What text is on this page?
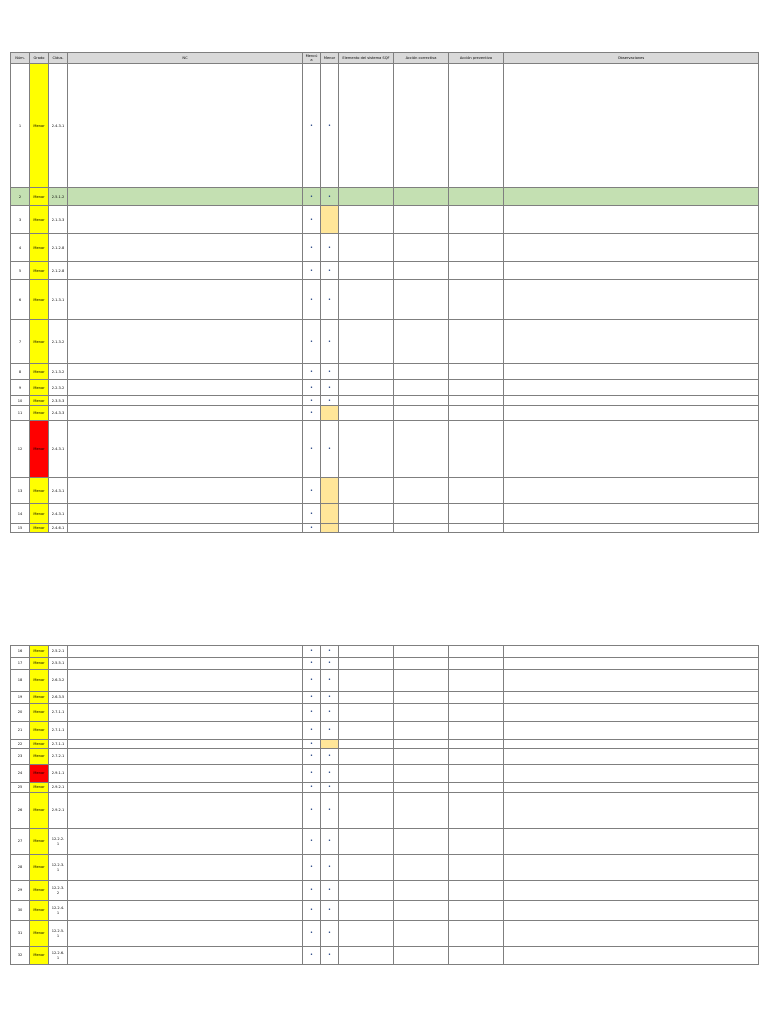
Núm.	Grado	Cláus.	NC	Mencúa	Menor	Elemento del sistema SQF	Acción correctiva	Acción preventiva	Observaciones
1	Menor	2.4.3.1		•	•				
2	Menor	2.5.1.2		•	•				
3	Menor	2.1.3.3		•					
4	Menor	2.1.2.8		•	•				
5	Menor	2.1.2.8		•	•				
6	Menor	2.1.3.1		•	•				
7	Menor	2.1.3.2		•	•				
8	Menor	2.1.3.2		•	•				
9	Menor	2.2.3.2		•	•				
10	Menor	2.3.5.3		•	•				
11	Menor	2.4.3.3		•					
12	Menor	2.4.3.1		•	•				
13	Menor	2.4.3.1		•					
14	Menor	2.4.3.1		•					
15	Menor	2.4.6.1		•					
16	Menor	2.5.2.1		•	•				
17	Menor	2.5.5.1		•	•				
18	Menor	2.6.3.2		•	•				
19	Menor	2.6.3.5		•	•				
20	Menor	2.7.1.1		•	•				
21	Menor	2.7.1.1		•	•				
22	Menor	2.7.1.1		•					
23	Menor	2.7.2.1		•	•				
24	Menor	2.9.1.1		•	•				
25	Menor	2.9.2.1		•	•				
26	Menor	2.9.2.1		•	•				
27	Menor	12.2.2.1		•	•				
28	Menor	12.2.3.1		•	•				
29	Menor	12.2.3.2		•	•				
30	Menor	12.2.4.1		•	•				
31	Menor	12.2.5.1		•	•				
32	Menor	12.2.6.1		•	•				
